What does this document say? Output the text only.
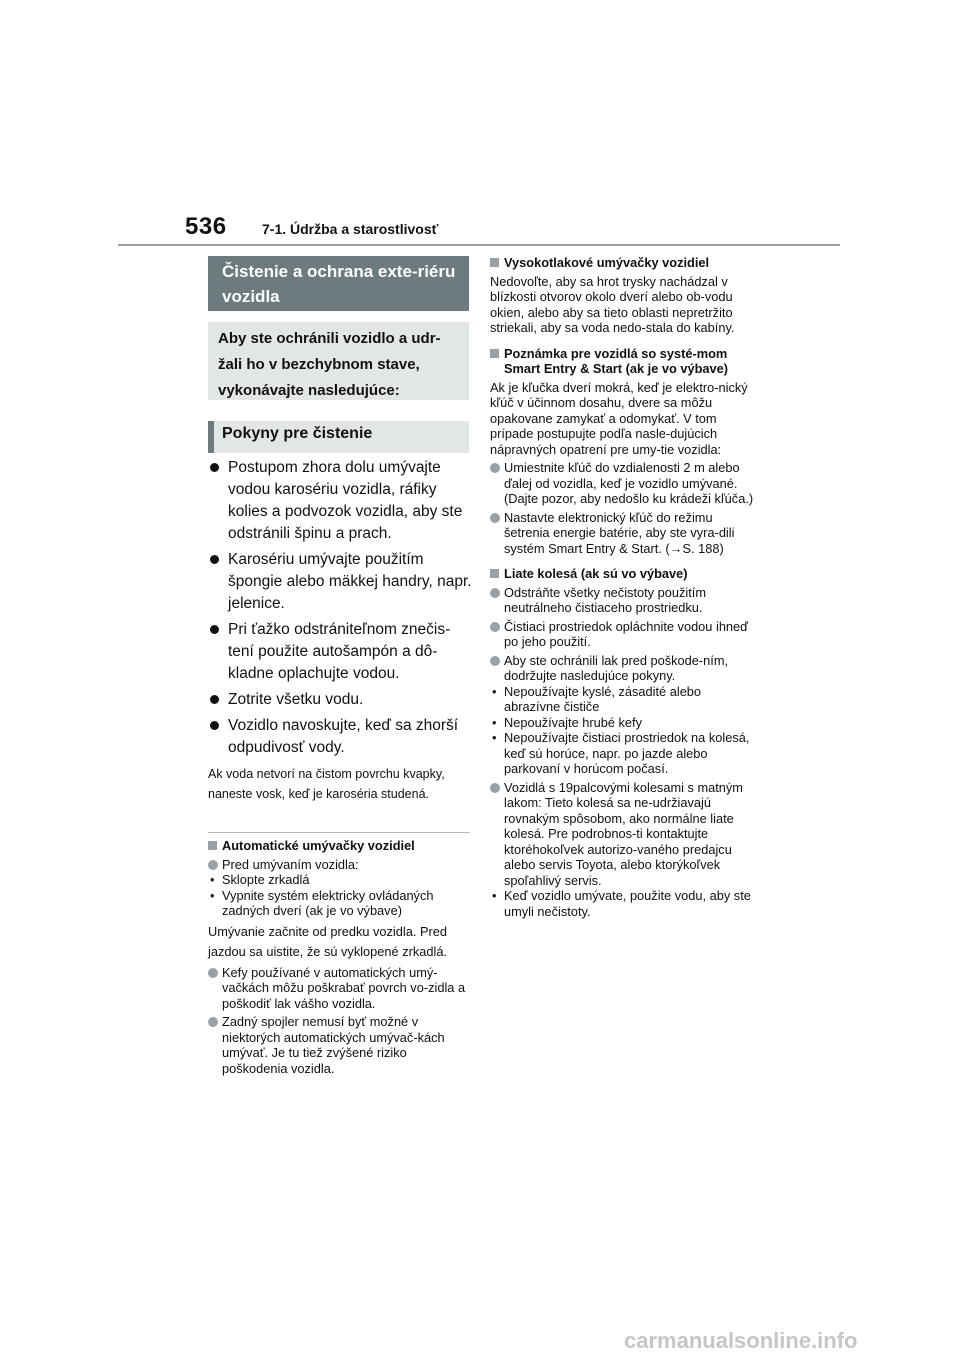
536	7-1. Údržba a starostlivosť
Čistenie a ochrana exte-riéru vozidla
Aby ste ochránili vozidlo a udr-žali ho v bezchybnom stave, vykonávajte nasledujúce:
Pokyny pre čistenie
Postupom zhora dolu umývajte vodou karosériu vozidla, ráfiky kolies a podvozok vozidla, aby ste odstránili špinu a prach.
Karosériu umývajte použitím špongie alebo mäkkej handry, napr. jelenice.
Pri ťažko odstrániteľnom znečis-tení použite autošampón a dô-kladne oplachujte vodou.
Zotrite všetku vodu.
Vozidlo navoskujte, keď sa zhorší odpudivosť vody.
Ak voda netvorí na čistom povrchu kvapky, naneste vosk, keď je karoséria studená.
Automatické umývačky vozidiel
Pred umývaním vozidla:
• Sklopte zrkadlá
• Vypnite systém elektricky ovládaných zadných dverí (ak je vo výbave)
Umývanie začnite od predku vozidla. Pred jazdou sa uistite, že sú vyklopené zrkadlá.
Kefy používané v automatických umý-vačkách môžu poškrabať povrch vo-zidla a poškodiť lak vášho vozidla.
Zadný spojler nemusí byť možné v niektorých automatických umývač-kách umývať. Je tu tiež zvýšené riziko poškodenia vozidla.
Vysokotlakové umývačky vozidiel
Nedovoľte, aby sa hrot trysky nachádzal v blízkosti otvorov okolo dverí alebo ob-vodu okien, alebo aby sa tieto oblasti nepretržito striekali, aby sa voda nedo-stala do kabíny.
Poznámka pre vozidlá so systé-mom Smart Entry & Start (ak je vo výbave)
Ak je kľučka dverí mokrá, keď je elektro-nický kľúč v účinnom dosahu, dvere sa môžu opakovane zamykať a odomykať. V tom prípade postupujte podľa nasle-dujúcich nápravných opatrení pre umy-tie vozidla:
Umiestnite kľúč do vzdialenosti 2 m alebo ďalej od vozidla, keď je vozidlo umývané. (Dajte pozor, aby nedošlo ku krádeži kľúča.)
Nastavte elektronický kľúč do režimu šetrenia energie batérie, aby ste vyra-dili systém Smart Entry & Start. (→S. 188)
Liate kolesá (ak sú vo výbave)
Odstráňte všetky nečistoty použitím neutrálneho čistiaceho prostriedku.
Čistiaci prostriedok opláchnite vodou ihneď po jeho použití.
Aby ste ochránili lak pred poškode-ním, dodržujte nasledujúce pokyny.
• Nepoužívajte kyslé, zásadité alebo abrazívne čističe
• Nepoužívajte hrubé kefy
• Nepoužívajte čistiaci prostriedok na kolesá, keď sú horúce, napr. po jazde alebo parkovaní v horúcom počasí.
Vozidlá s 19palcovými kolesami s matným lakom: Tieto kolesá sa ne-udržiavajú rovnakým spôsobom, ako normálne liate kolesá. Pre podrobnos-ti kontaktujte ktoréhokoľvek autorizo-vaného predajcu alebo servis Toyota, alebo ktorýkoľvek spoľahlivý servis.
• Keď vozidlo umývate, použite vodu, aby ste umyli nečistoty.
carmanualsonline.info
